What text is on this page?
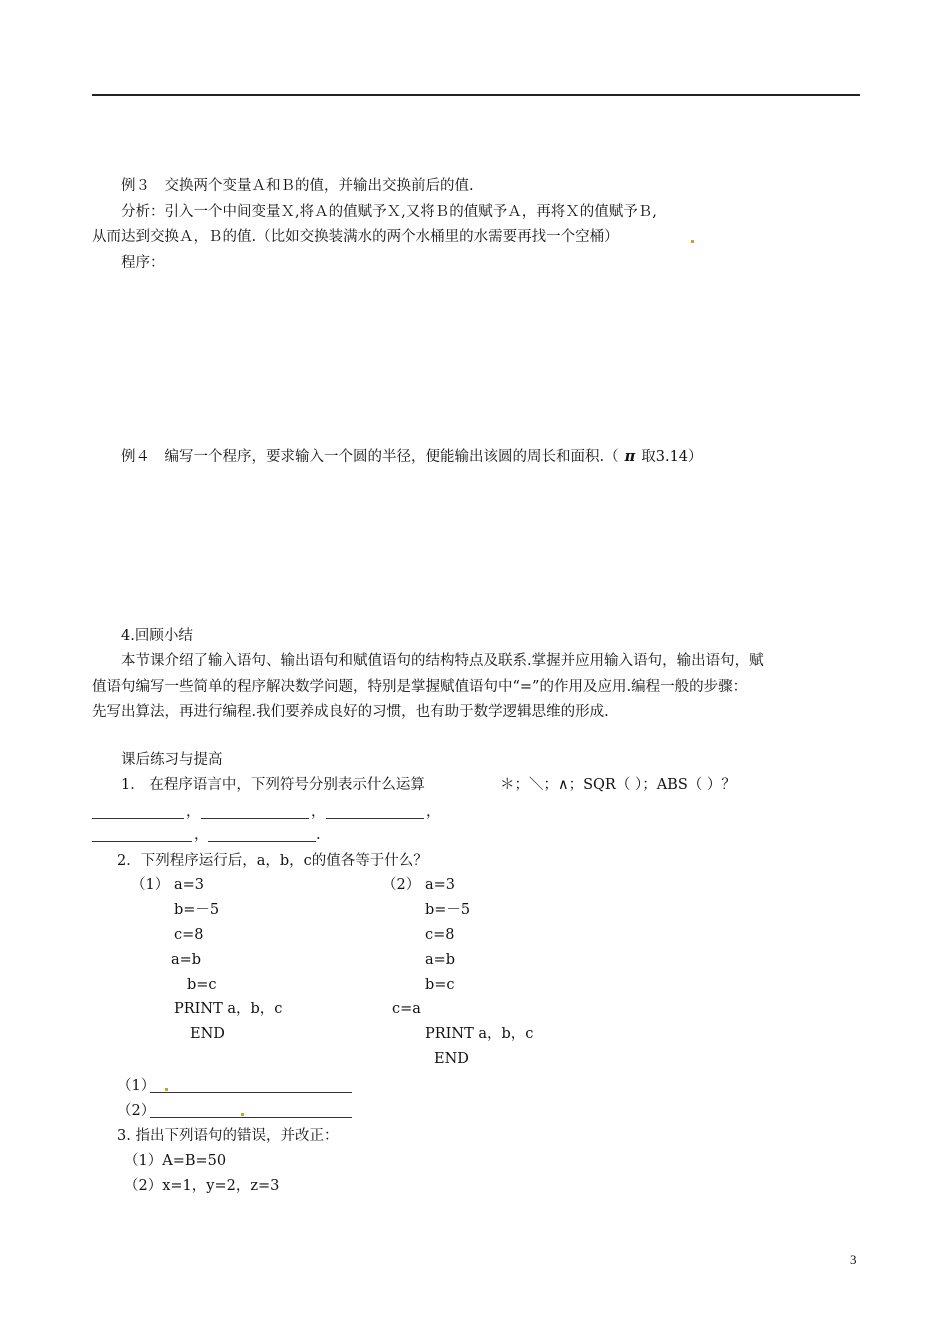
例３　交换两个变量Ａ和Ｂ的值，并输出交换前后的值.
分析：引入一个中间变量Ｘ,将Ａ的值赋予Ｘ,又将Ｂ的值赋予Ａ，再将Ｘ的值赋予Ｂ,
从而达到交换Ａ，Ｂ的值.（比如交换装满水的两个水桶里的水需要再找一个空桶）
程序：
例４　编写一个程序，要求输入一个圆的半径，便能输出该圆的周长和面积.（ π 取3.14）
4.回顾小结
本节课介绍了输入语句、输出语句和赋值语句的结构特点及联系.掌握并应用输入语句，输出语句，赋
值语句编写一些简单的程序解决数学问题，特别是掌握赋值语句中“=”的作用及应用.编程一般的步骤：
先写出算法，再进行编程.我们要养成良好的习惯，也有助于数学逻辑思维的形成.
课后练习与提高
1． 在程序语言中，下列符号分别表示什么运算	＊；＼；∧；SQR（ ）；ABS（ ）？
，	，	，
，	.
2．下列程序运行后，a，b，c的值各等于什么？
（1） a=3
b=－5
c=8
a=b
b=c
PRINT a，b，c
END
（2） a=3
b=－5
c=8
a=b
b=c
c=a
PRINT a，b，c
END
（1）
（2）
3. 指出下列语句的错误，并改正：
（1）A=B=50
（2）x=1，y=2，z=3
3
